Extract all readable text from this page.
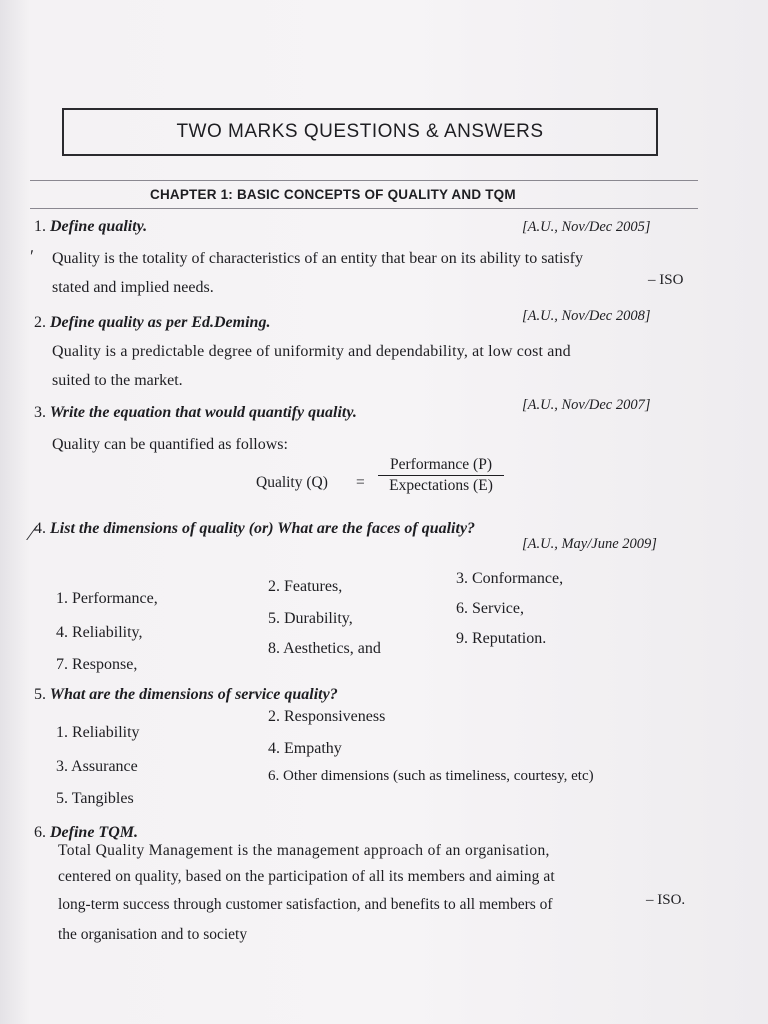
TWO MARKS QUESTIONS & ANSWERS
CHAPTER 1: BASIC CONCEPTS OF QUALITY AND TQM
1. Define quality.	[A.U., Nov/Dec 2005]
ʹ Quality is the totality of characteristics of an entity that bear on its ability to satisfy
stated and implied needs.	– ISO
2. Define quality as per Ed.Deming.	[A.U., Nov/Dec 2008]
Quality is a predictable degree of uniformity and dependability, at low cost and
suited to the market.
3. Write the equation that would quantify quality.	[A.U., Nov/Dec 2007]
Quality can be quantified as follows:
Quality (Q) =
Performance (P)
Expectations (E)
∕ 4. List the dimensions of quality (or) What are the faces of quality?
[A.U., May/June 2009]
1. Performance,
2. Features,	3. Conformance,
4. Reliability,
5. Durability,
6. Service,
7. Response,
8. Aesthetics, and
9. Reputation.
5. What are the dimensions of service quality?
1. Reliability
2. Responsiveness
3. Assurance
4. Empathy
5. Tangibles
6. Other dimensions (such as timeliness, courtesy, etc)
6. Define TQM.
Total Quality Management is the management approach of an organisation,
centered on quality, based on the participation of all its members and aiming at
long-term success through customer satisfaction, and benefits to all members of
the organisation and to society
– ISO.
